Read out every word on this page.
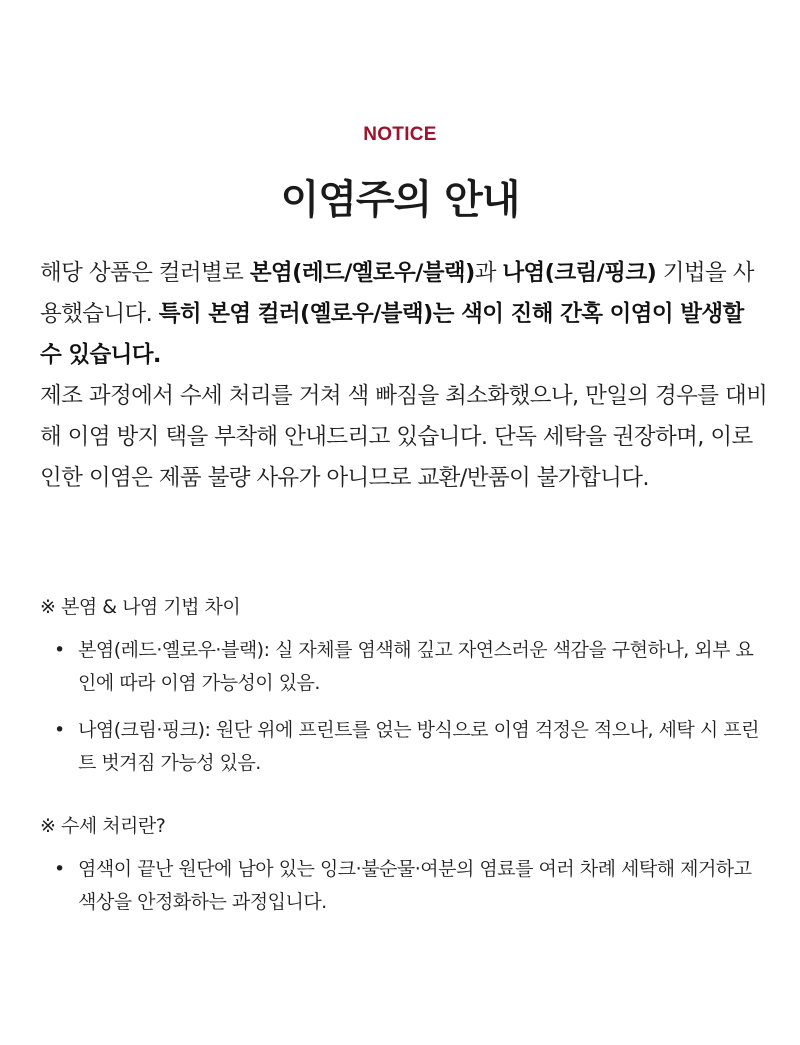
NOTICE
이염주의 안내

해당 상품은 컬러별로 본염(레드/옐로우/블랙)과 나염(크림/핑크) 기법을 사용했습니다. 특히 본염 컬러(옐로우/블랙)는 색이 진해 간혹 이염이 발생할 수 있습니다.

제조 과정에서 수세 처리를 거쳐 색 빠짐을 최소화했으나, 만일의 경우를 대비해 이염 방지 택을 부착해 안내드리고 있습니다. 단독 세탁을 권장하며, 이로 인한 이염은 제품 불량 사유가 아니므로 교환/반품이 불가합니다.

※ 본염 & 나염 기법 차이
• 본염(레드·옐로우·블랙): 실 자체를 염색해 깊고 자연스러운 색감을 구현하나, 외부 요인에 따라 이염 가능성이 있음.
• 나염(크림·핑크): 원단 위에 프린트를 얹는 방식으로 이염 걱정은 적으나, 세탁 시 프린트 벗겨짐 가능성 있음.
※ 수세 처리란?
• 염색이 끝난 원단에 남아 있는 잉크·불순물·여분의 염료를 여러 차례 세탁해 제거하고 색상을 안정화하는 과정입니다.
